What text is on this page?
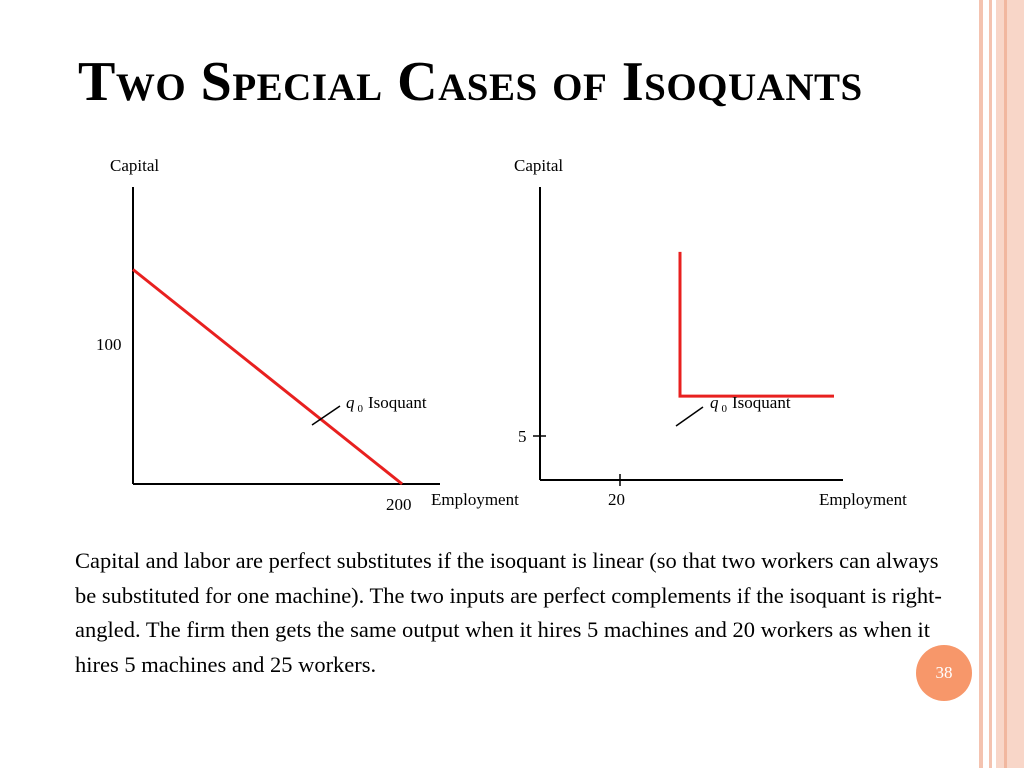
Two Special Cases of Isoquants
Capital
100
200 Employment
q $_0$ Isoquant
Capital
5
20	Employment
q $_0$ Isoquant

Capital and labor are perfect substitutes if the isoquant is linear (so that two workers can always be substituted for one machine). The two inputs are perfect complements if the isoquant is right-angled. The firm then gets the same output when it hires 5 machines and 20 workers as when it hires 5 machines and 25 workers.	38
